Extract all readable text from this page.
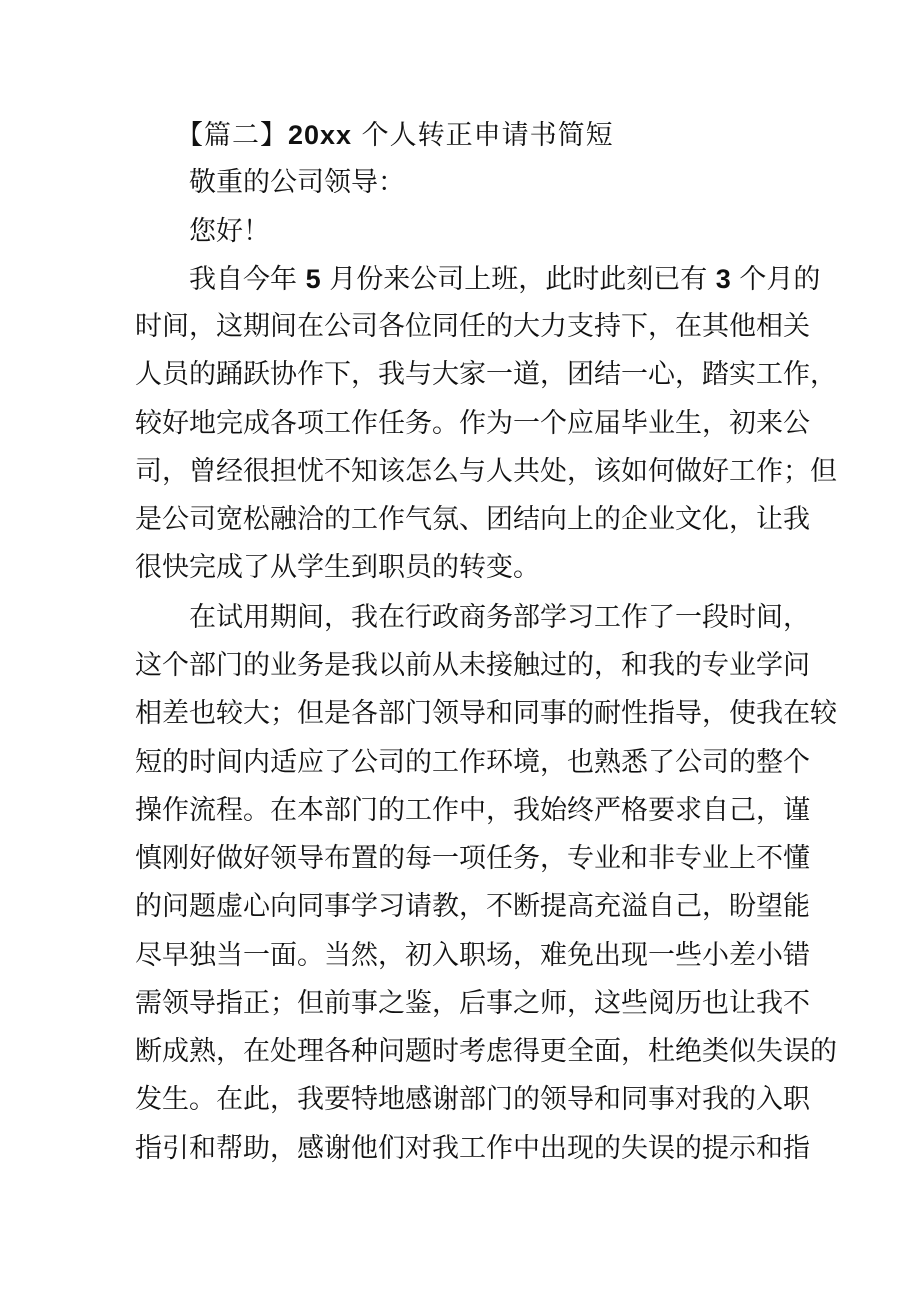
【篇二】20xx 个人转正申请书简短
敬重的公司领导：
您好！
我自今年 5 月份来公司上班，此时此刻已有 3 个月的
时间，这期间在公司各位同任的大力支持下，在其他相关
人员的踊跃协作下，我与大家一道，团结一心，踏实工作，
较好地完成各项工作任务。作为一个应届毕业生，初来公
司，曾经很担忧不知该怎么与人共处，该如何做好工作；但
是公司宽松融洽的工作气氛、团结向上的企业文化，让我
很快完成了从学生到职员的转变。
在试用期间，我在行政商务部学习工作了一段时间，
这个部门的业务是我以前从未接触过的，和我的专业学问
相差也较大；但是各部门领导和同事的耐性指导，使我在较
短的时间内适应了公司的工作环境，也熟悉了公司的整个
操作流程。在本部门的工作中，我始终严格要求自己，谨
慎刚好做好领导布置的每一项任务，专业和非专业上不懂
的问题虚心向同事学习请教，不断提高充溢自己，盼望能
尽早独当一面。当然，初入职场，难免出现一些小差小错
需领导指正；但前事之鉴，后事之师，这些阅历也让我不
断成熟，在处理各种问题时考虑得更全面，杜绝类似失误的
发生。在此，我要特地感谢部门的领导和同事对我的入职
指引和帮助，感谢他们对我工作中出现的失误的提示和指
